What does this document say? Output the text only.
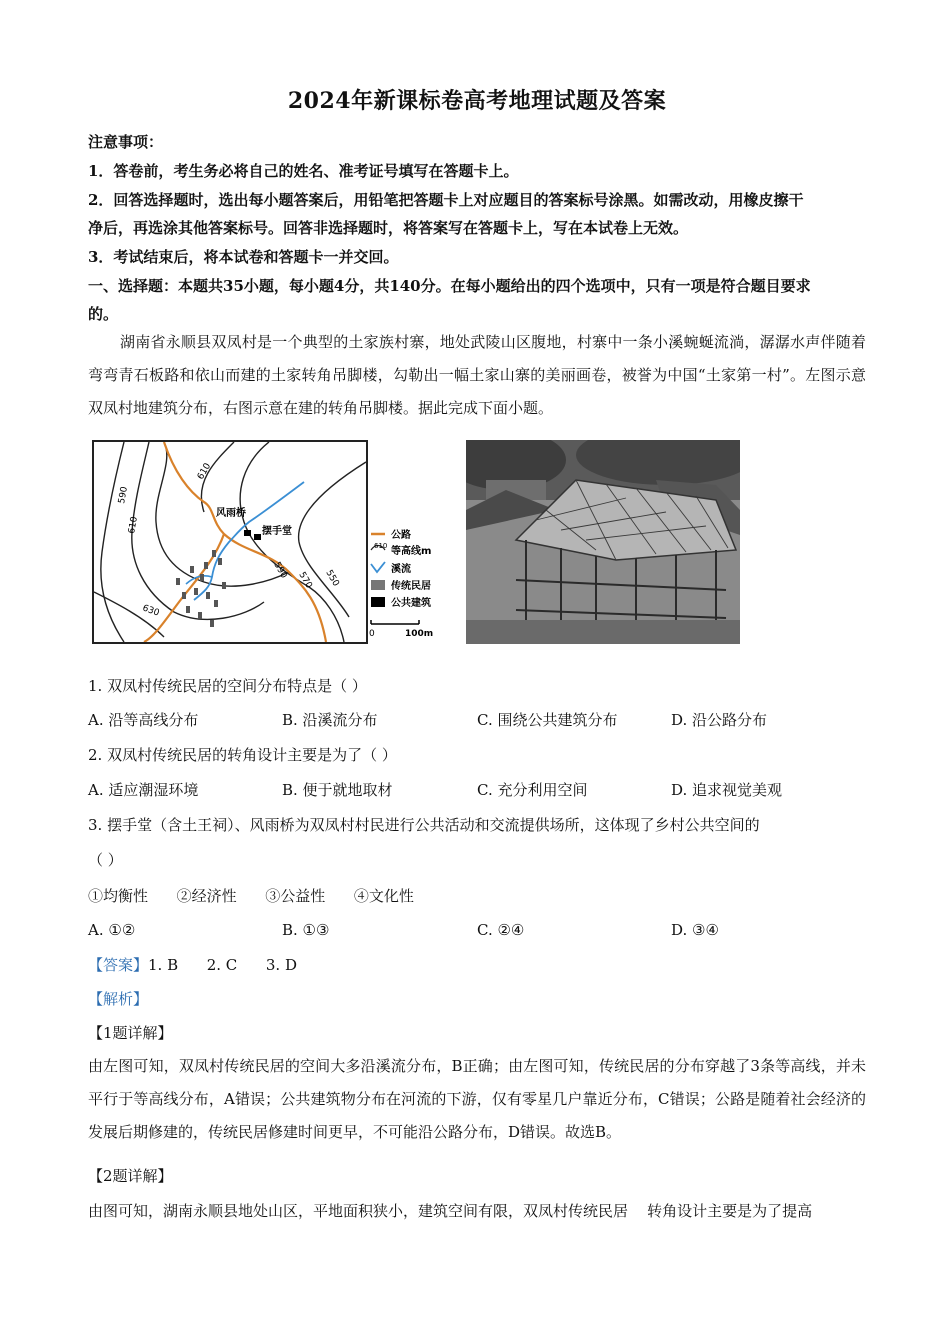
2024年新课标卷高考地理试题及答案
注意事项：
1．答卷前，考生务必将自己的姓名、准考证号填写在答题卡上。
2．回答选择题时，选出每小题答案后，用铅笔把答题卡上对应题目的答案标号涂黑。如需改动，用橡皮擦干
净后，再选涂其他答案标号。回答非选择题时，将答案写在答题卡上，写在本试卷上无效。
3．考试结束后，将本试卷和答题卡一并交回。
一、选择题：本题共35小题，每小题4分，共140分。在每小题给出的四个选项中，只有一项是符合题目要求
的。
湖南省永顺县双凤村是一个典型的土家族村寨，地处武陵山区腹地，村寨中一条小溪蜿蜒流淌，潺潺水声伴随着弯弯青石板路和依山而建的土家转角吊脚楼，勾勒出一幅土家山寨的美丽画卷，被誉为中国“土家第一村”。左图示意双凤村地建筑分布，右图示意在建的转角吊脚楼。据此完成下面小题。
风雨桥
摆手堂
610
590
610
630
590
570 550
公路
610 等高线m
溪流
传统民居
公共建筑
0	100m
1. 双凤村传统民居的空间分布特点是（ ）
A. 沿等高线分布	B. 沿溪流分布	C. 围绕公共建筑分布	D. 沿公路分布
2. 双凤村传统民居的转角设计主要是为了（ ）
A. 适应潮湿环境	B. 便于就地取材	C. 充分利用空间	D. 追求视觉美观
3. 摆手堂（含土王祠）、风雨桥为双凤村村民进行公共活动和交流提供场所，这体现了乡村公共空间的
（ ）
①均衡性      ②经济性      ③公益性      ④文化性
A. ①②	B. ①③	C. ②④	D. ③④
【答案】1. B      2. C      3. D
【解析】
【1题详解】
由左图可知，双凤村传统民居的空间大多沿溪流分布，B正确；由左图可知，传统民居的分布穿越了3条等高线，并未平行于等高线分布，A错误；公共建筑物分布在河流的下游，仅有零星几户靠近分布，C错误；公路是随着社会经济的发展后期修建的，传统民居修建时间更早，不可能沿公路分布，D错误。故选B。
【2题详解】
由图可知，湖南永顺县地处山区，平地面积狭小，建筑空间有限，双凤村传统民居    转角设计主要是为了提高
